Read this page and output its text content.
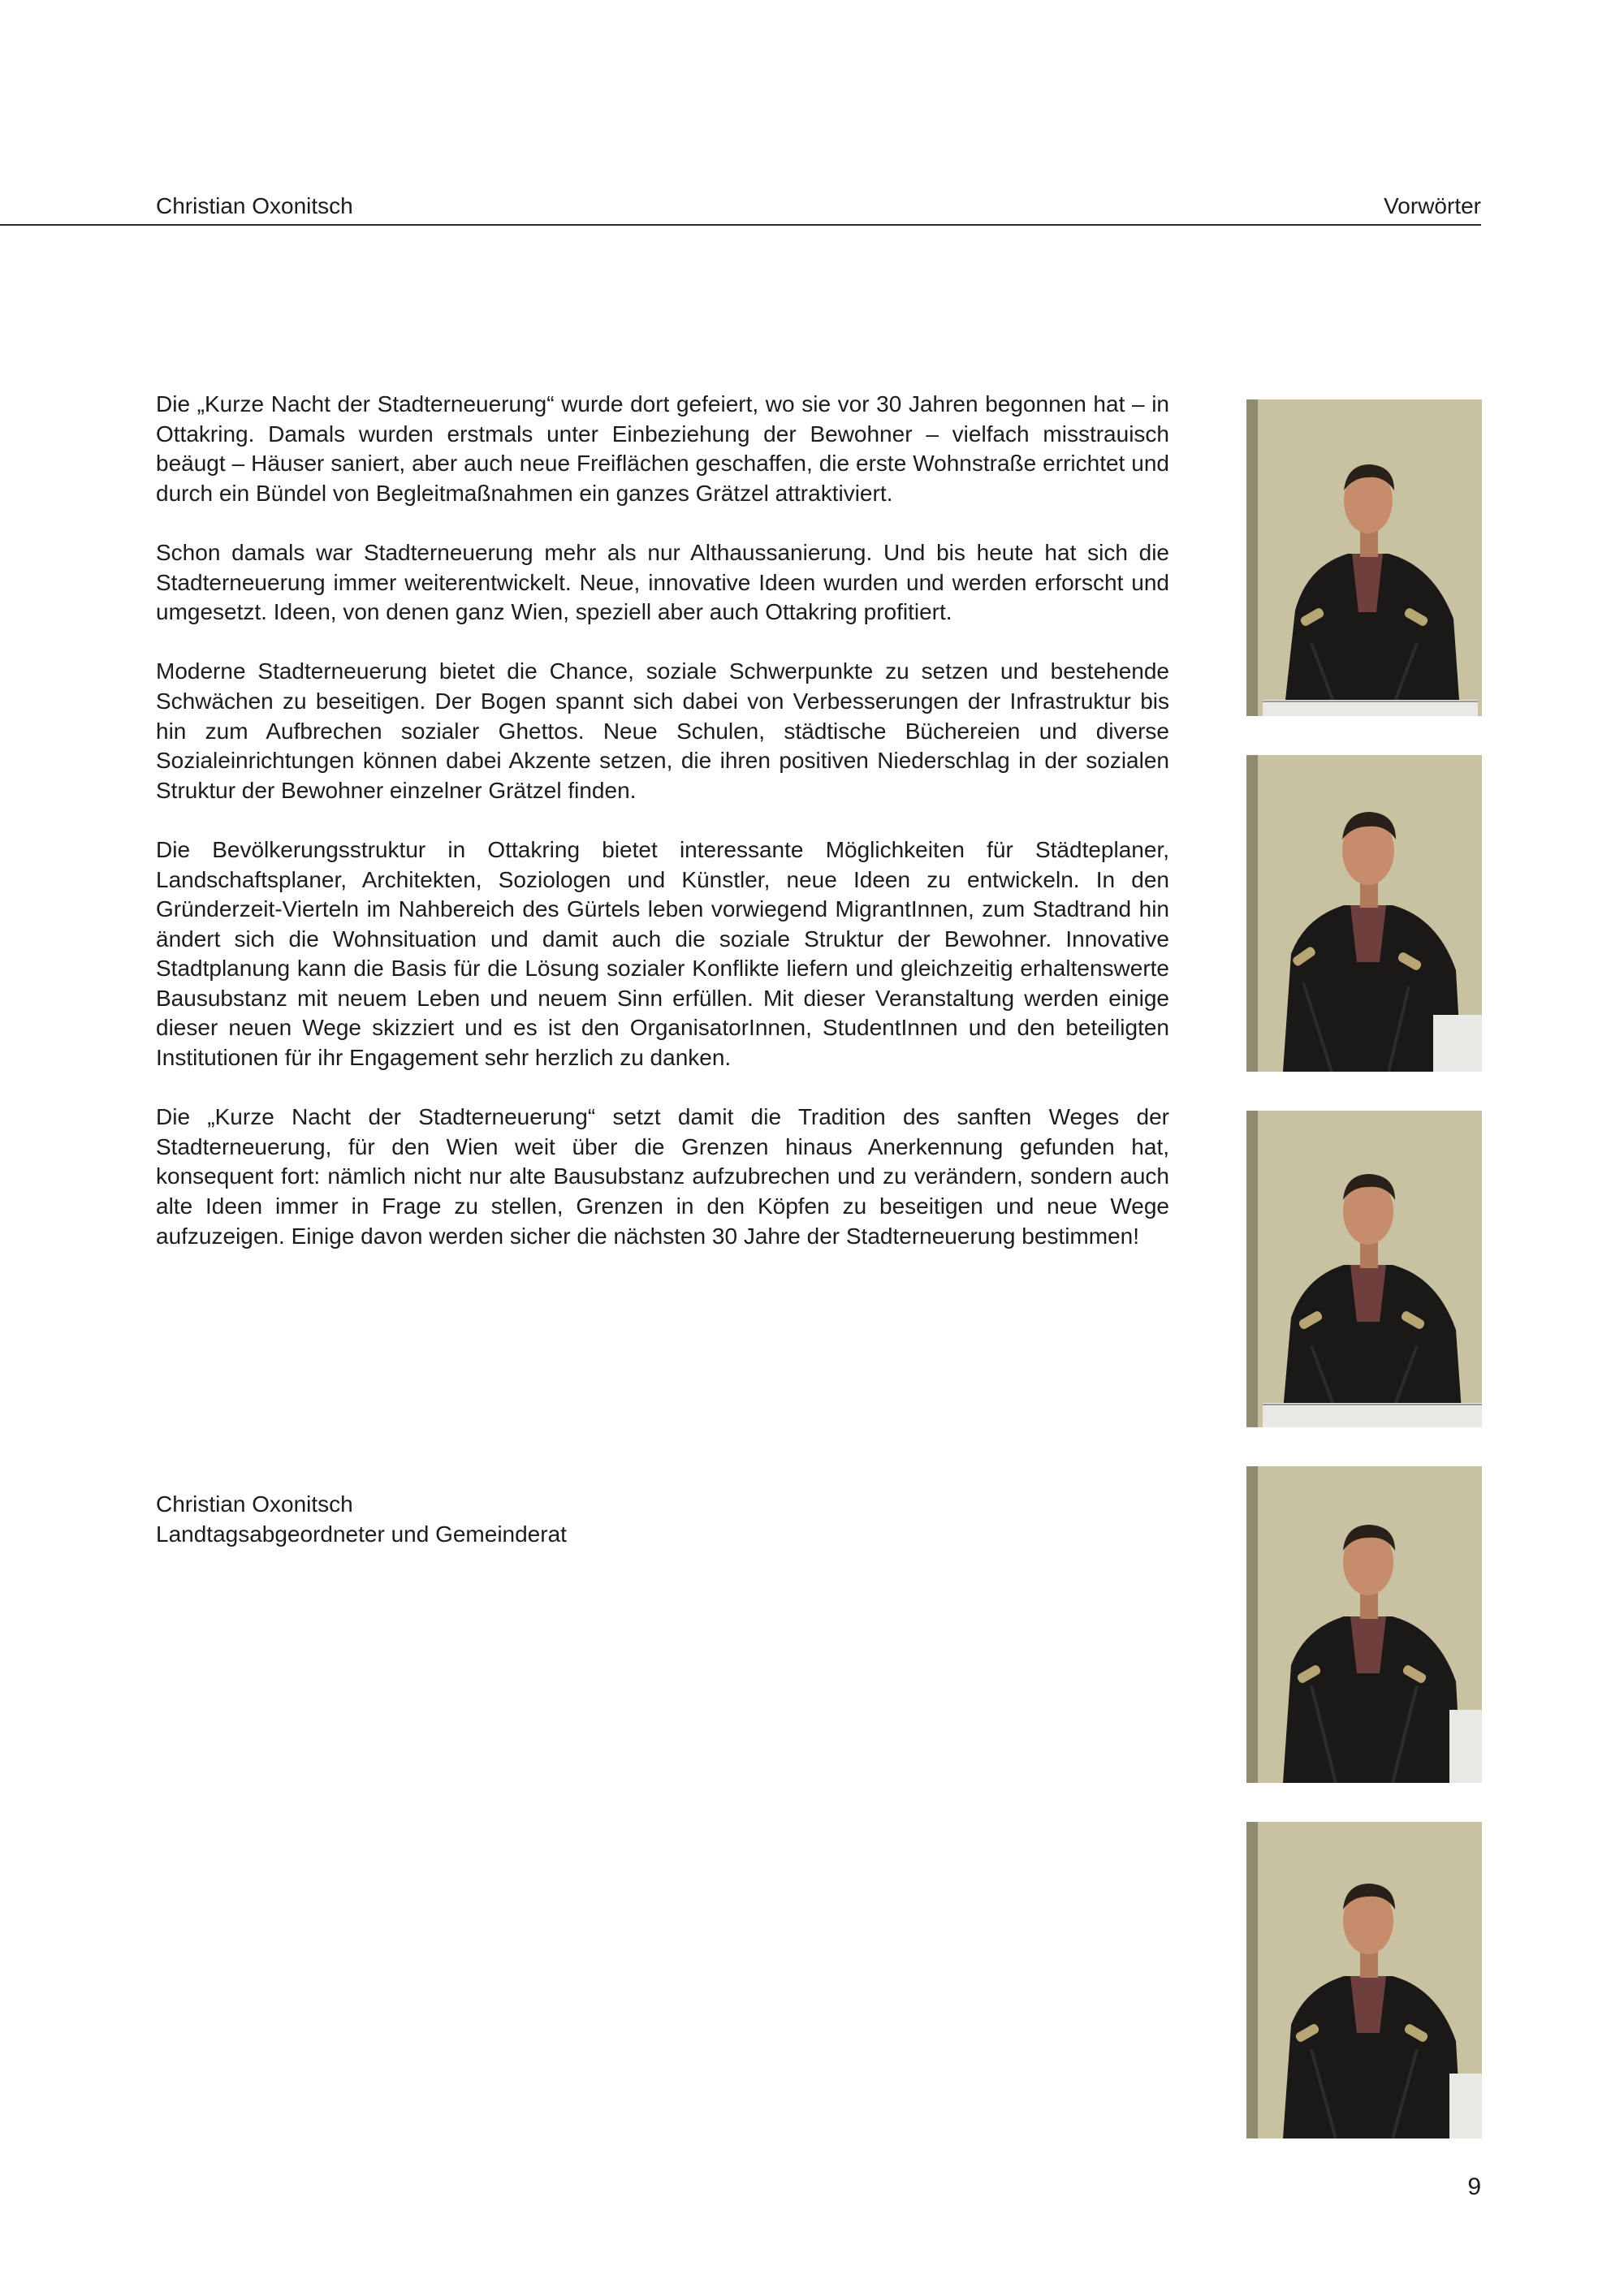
Christian Oxonitsch	Vorwörter

Die „Kurze Nacht der Stadterneuerung“ wurde dort gefeiert, wo sie vor 30 Jahren begonnen hat – in Ottakring. Damals wurden erstmals unter Einbeziehung der Bewohner – vielfach misstrauisch beäugt – Häuser saniert, aber auch neue Freiflächen geschaffen, die erste Wohnstraße errichtet und durch ein Bündel von Begleitmaßnahmen ein ganzes Grätzel attraktiviert.

Schon damals war Stadterneuerung mehr als nur Althaussanierung. Und bis heute hat sich die Stadterneuerung immer weiterentwickelt. Neue, innovative Ideen wurden und werden erforscht und umgesetzt. Ideen, von denen ganz Wien, speziell aber auch Ottakring profitiert.

Moderne Stadterneuerung bietet die Chance, soziale Schwerpunkte zu setzen und bestehende Schwächen zu beseitigen. Der Bogen spannt sich dabei von Verbesserungen der Infrastruktur bis hin zum Aufbrechen sozialer Ghettos. Neue Schulen, städtische Büchereien und diverse Sozialeinrichtungen können dabei Akzente setzen, die ihren positiven Niederschlag in der sozialen Struktur der Bewohner einzelner Grätzel finden.

Die Bevölkerungsstruktur in Ottakring bietet interessante Möglichkeiten für Städteplaner, Landschaftsplaner, Architekten, Soziologen und Künstler, neue Ideen zu entwickeln. In den Gründerzeit-Vierteln im Nahbereich des Gürtels leben vorwiegend MigrantInnen, zum Stadtrand hin ändert sich die Wohnsituation und damit auch die soziale Struktur der Bewohner. Innovative Stadtplanung kann die Basis für die Lösung sozialer Konflikte liefern und gleichzeitig erhaltenswerte Bausubstanz mit neuem Leben und neuem Sinn erfüllen. Mit dieser Veranstaltung werden einige dieser neuen Wege skizziert und es ist den OrganisatorInnen, StudentInnen und den beteiligten Institutionen für ihr Engagement sehr herzlich zu danken.

Die „Kurze Nacht der Stadterneuerung“ setzt damit die Tradition des sanften Weges der Stadterneuerung, für den Wien weit über die Grenzen hinaus Anerkennung gefunden hat, konsequent fort: nämlich nicht nur alte Bausubstanz aufzubrechen und zu verändern, sondern auch alte Ideen immer in Frage zu stellen, Grenzen in den Köpfen zu beseitigen und neue Wege aufzuzeigen. Einige davon werden sicher die nächsten 30 Jahre der Stadterneuerung bestimmen!

Christian Oxonitsch
Landtagsabgeordneter und Gemeinderat
9
